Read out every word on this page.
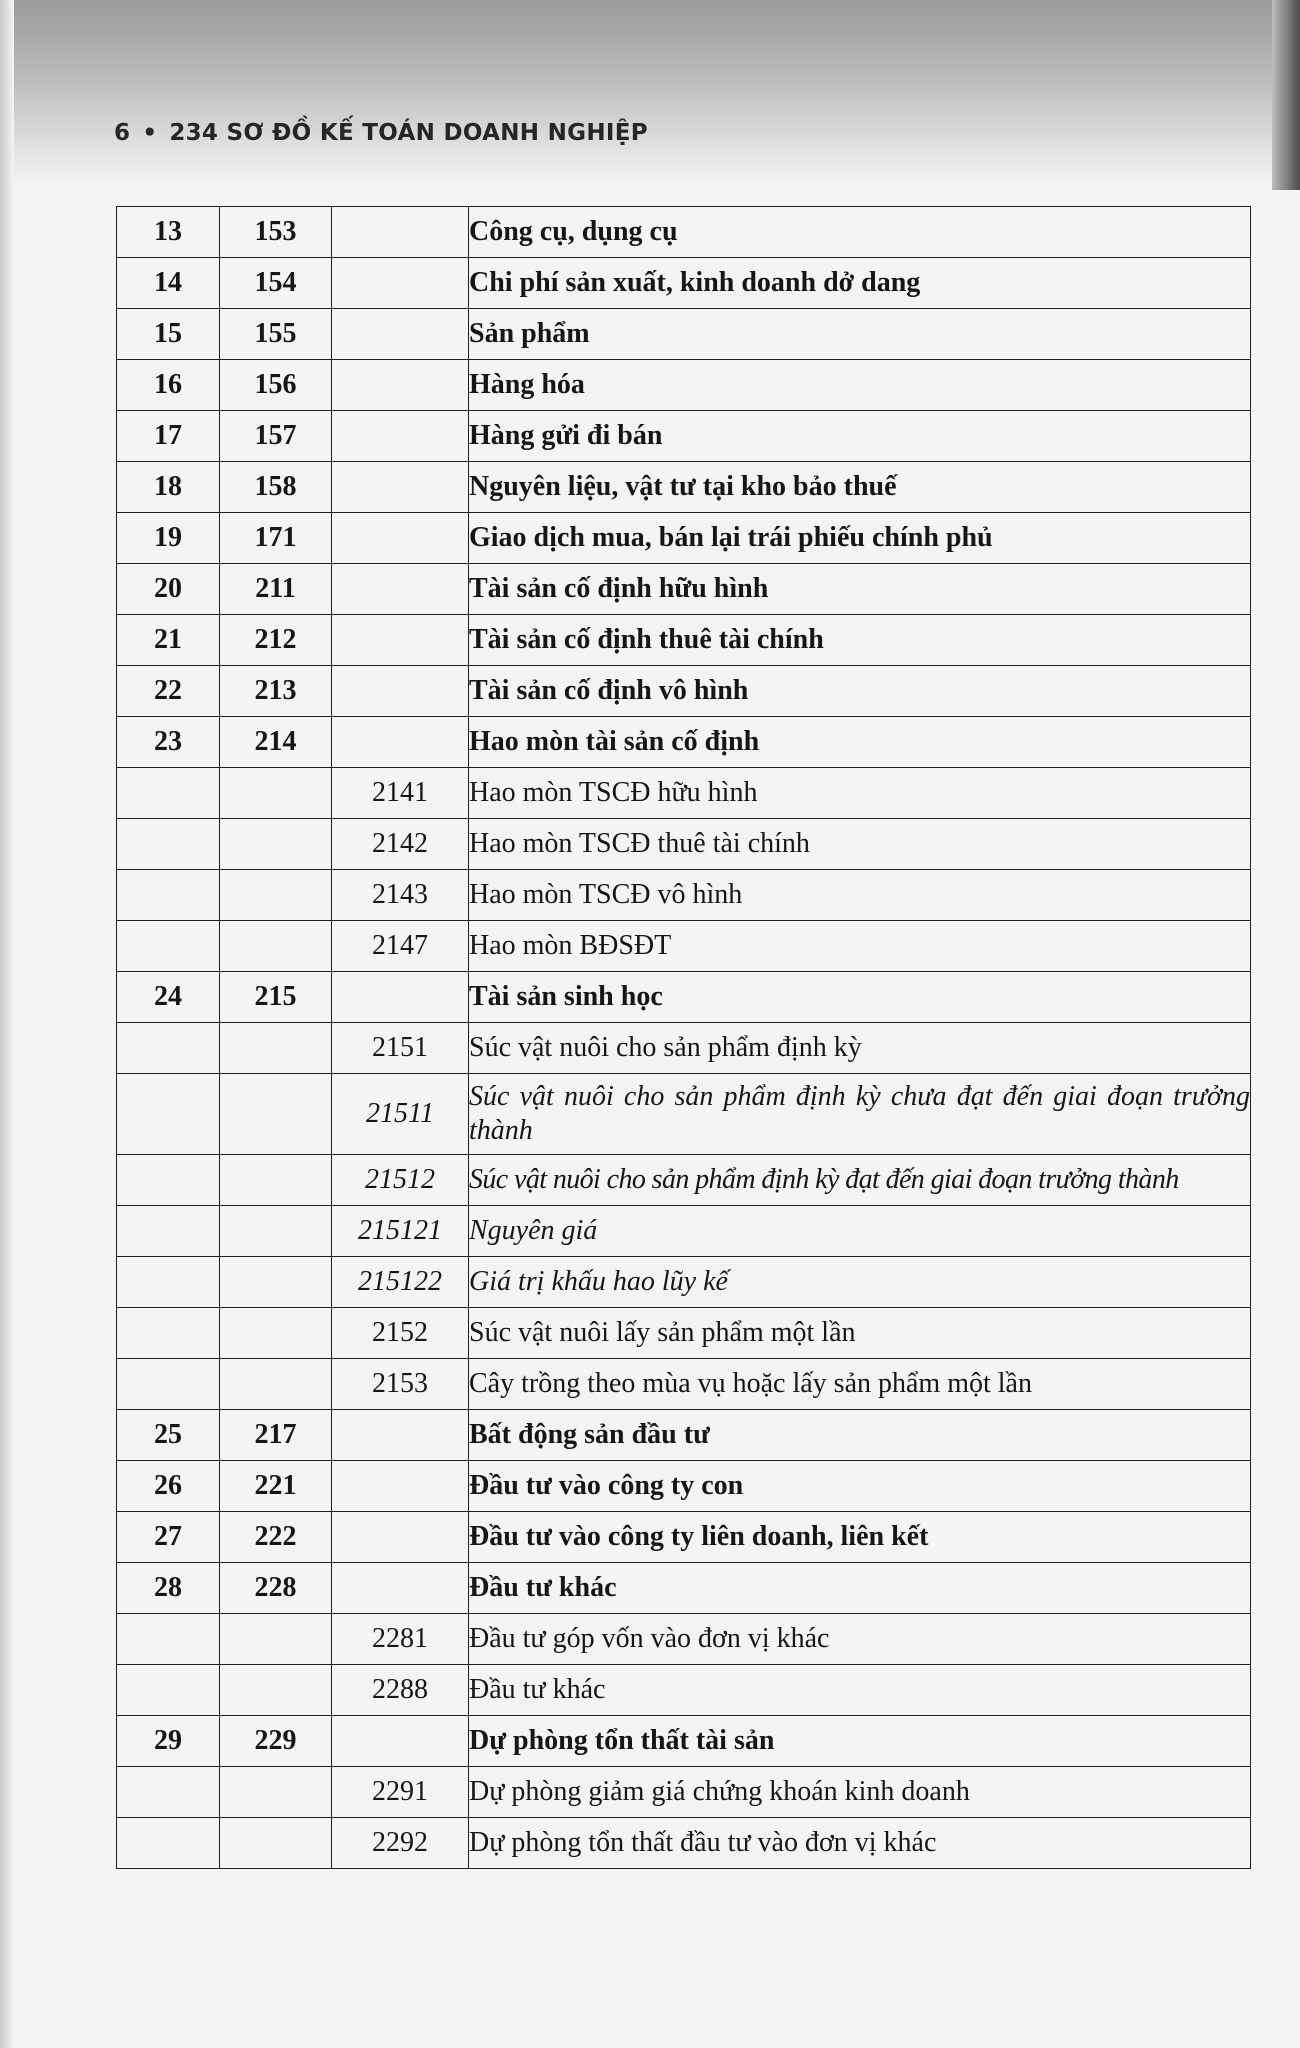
6 • 234 SƠ ĐỒ KẾ TOÁN DOANH NGHIỆP
13	153		Công cụ, dụng cụ
14	154		Chi phí sản xuất, kinh doanh dở dang
15	155		Sản phẩm
16	156		Hàng hóa
17	157		Hàng gửi đi bán
18	158		Nguyên liệu, vật tư tại kho bảo thuế
19	171		Giao dịch mua, bán lại trái phiếu chính phủ
20	211		Tài sản cố định hữu hình
21	212		Tài sản cố định thuê tài chính
22	213		Tài sản cố định vô hình
23	214		Hao mòn tài sản cố định
		2141	Hao mòn TSCĐ hữu hình
		2142	Hao mòn TSCĐ thuê tài chính
		2143	Hao mòn TSCĐ vô hình
		2147	Hao mòn BĐSĐT
24	215		Tài sản sinh học
		2151	Súc vật nuôi cho sản phẩm định kỳ
		21511	Súc vật nuôi cho sản phẩm định kỳ chưa đạt đến giai đoạn trưởng thành
		21512	Súc vật nuôi cho sản phẩm định kỳ đạt đến giai đoạn trưởng thành
		215121	Nguyên giá
		215122	Giá trị khấu hao lũy kế
		2152	Súc vật nuôi lấy sản phẩm một lần
		2153	Cây trồng theo mùa vụ hoặc lấy sản phẩm một lần
25	217		Bất động sản đầu tư
26	221		Đầu tư vào công ty con
27	222		Đầu tư vào công ty liên doanh, liên kết
28	228		Đầu tư khác
		2281	Đầu tư góp vốn vào đơn vị khác
		2288	Đầu tư khác
29	229		Dự phòng tổn thất tài sản
		2291	Dự phòng giảm giá chứng khoán kinh doanh
		2292	Dự phòng tổn thất đầu tư vào đơn vị khác
